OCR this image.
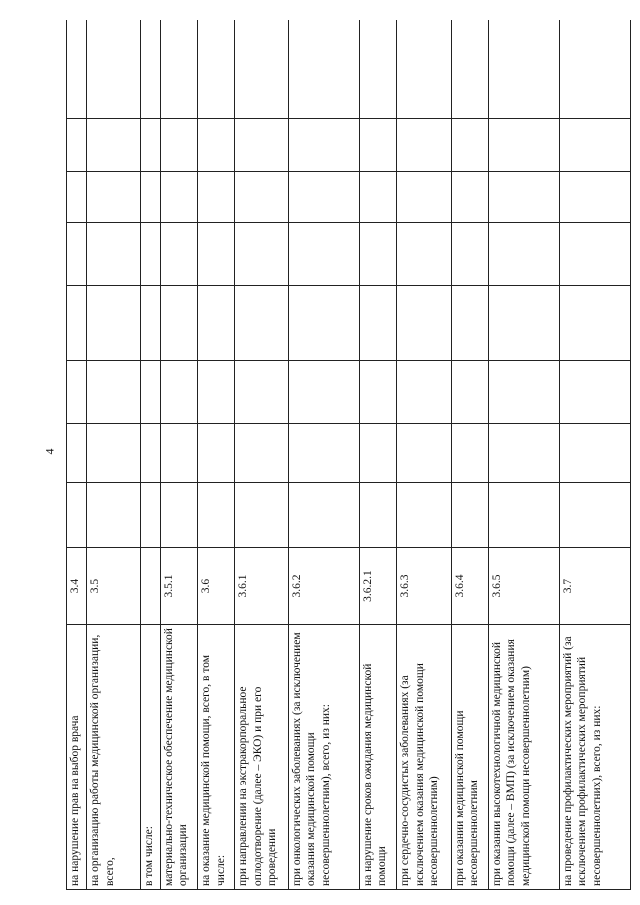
4
на нарушение прав на выбор врача	3.4								
на организацию работы медицинской организации, всего,	3.5								
в том числе:									
материально-техническое обеспечение медицинской организации	3.5.1								
на оказание медицинской помощи, всего, в том числе:	3.6								
при направлении на экстракорпоральное оплодотворение (далее – ЭКО) и при его проведении	3.6.1								
при онкологических заболеваниях (за исключением оказания медицинской помощи несовершеннолетним), всего, из них:	3.6.2								
на нарушение сроков ожидания медицинской помощи	3.6.2.1								
при сердечно-сосудистых заболеваниях (за исключением оказания медицинской помощи несовершеннолетним)	3.6.3								
при оказании медицинской помощи несовершеннолетним	3.6.4								
при оказании высокотехнологичной медицинской помощи (далее – ВМП) (за исключением оказания медицинской помощи несовершеннолетним)	3.6.5								
на проведение профилактических мероприятий (за исключением профилактических мероприятий несовершеннолетних), всего, из них:	3.7								
